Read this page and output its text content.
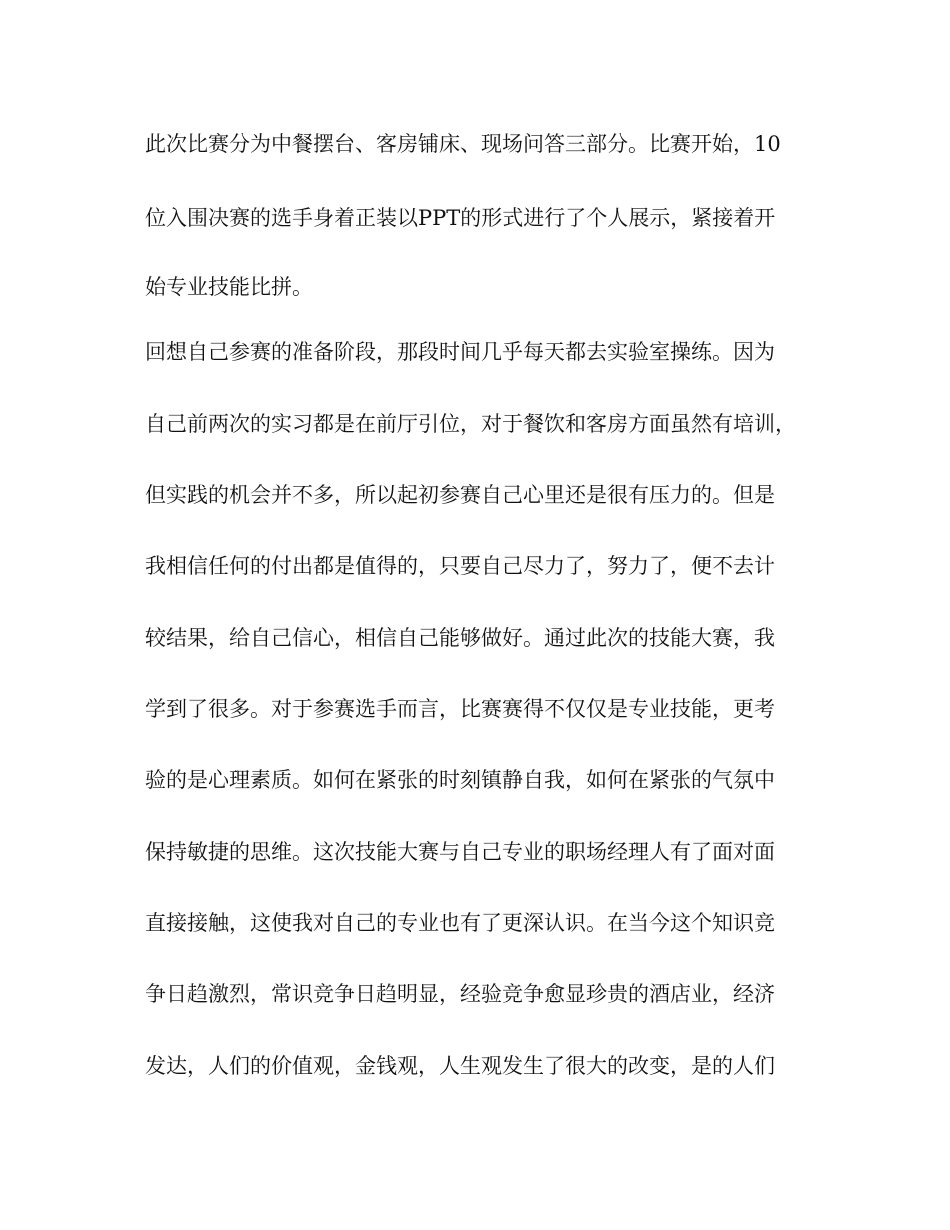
此次比赛分为中餐摆台、客房铺床、现场问答三部分。比赛开始，10
位入围决赛的选手身着正装以PPT的形式进行了个人展示，紧接着开
始专业技能比拼。
回想自己参赛的准备阶段，那段时间几乎每天都去实验室操练。因为
自己前两次的实习都是在前厅引位，对于餐饮和客房方面虽然有培训，
但实践的机会并不多，所以起初参赛自己心里还是很有压力的。但是
我相信任何的付出都是值得的，只要自己尽力了，努力了，便不去计
较结果，给自己信心，相信自己能够做好。通过此次的技能大赛，我
学到了很多。对于参赛选手而言，比赛赛得不仅仅是专业技能，更考
验的是心理素质。如何在紧张的时刻镇静自我，如何在紧张的气氛中
保持敏捷的思维。这次技能大赛与自己专业的职场经理人有了面对面
直接接触，这使我对自己的专业也有了更深认识。在当今这个知识竞
争日趋激烈，常识竞争日趋明显，经验竞争愈显珍贵的酒店业，经济
发达，人们的价值观，金钱观，人生观发生了很大的改变，是的人们
